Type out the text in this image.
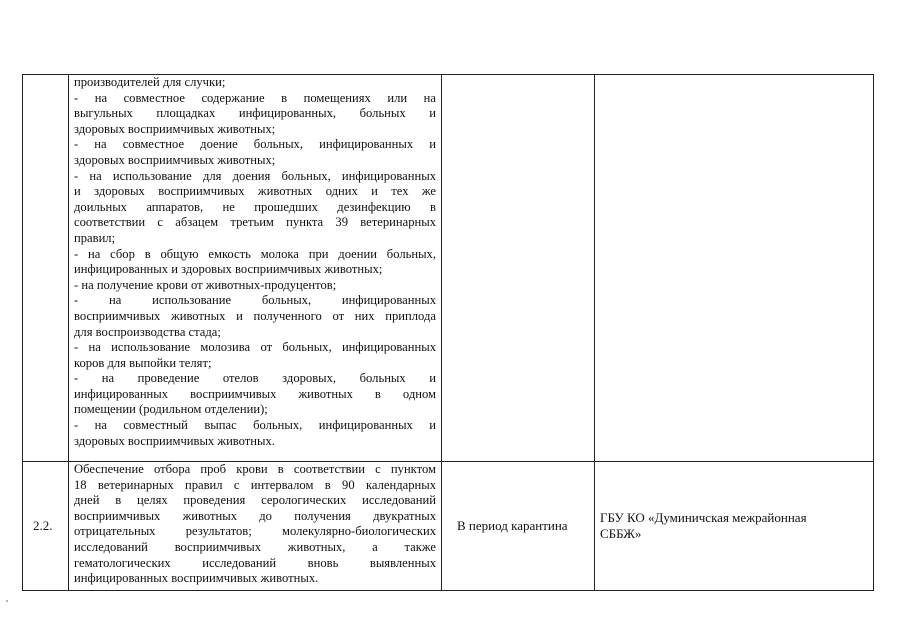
производителей для случки;

- на совместное содержание в помещениях или на

выгульных площадках инфицированных, больных и

здоровых восприимчивых животных;

- на совместное доение больных, инфицированных и

здоровых восприимчивых животных;

- на использование для доения больных, инфицированных

и здоровых восприимчивых животных одних и тех же

доильных аппаратов, не прошедших дезинфекцию в

соответствии с абзацем третьим пункта 39 ветеринарных

правил;

- на сбор в общую емкость молока при доении больных,

инфицированных и здоровых восприимчивых животных;

- на получение крови от животных-продуцентов;

- на использование больных, инфицированных

восприимчивых животных и полученного от них приплода

для воспроизводства стада;

- на использование молозива от больных, инфицированных

коров для выпойки телят;

- на проведение отелов здоровых, больных и

инфицированных восприимчивых животных в одном

помещении (родильном отделении);

- на совместный выпас больных, инфицированных и

здоровых восприимчивых животных.

2.2.

Обеспечение отбора проб крови в соответствии с пунктом

18 ветеринарных правил с интервалом в 90 календарных

дней в целях проведения серологических исследований

восприимчивых животных до получения двукратных

отрицательных результатов; молекулярно-биологических

исследований восприимчивых животных, а также

гематологических исследований вновь выявленных

инфицированных восприимчивых животных.

В период карантина
ГБУ КО «Думиничская межрайонная
СББЖ»
